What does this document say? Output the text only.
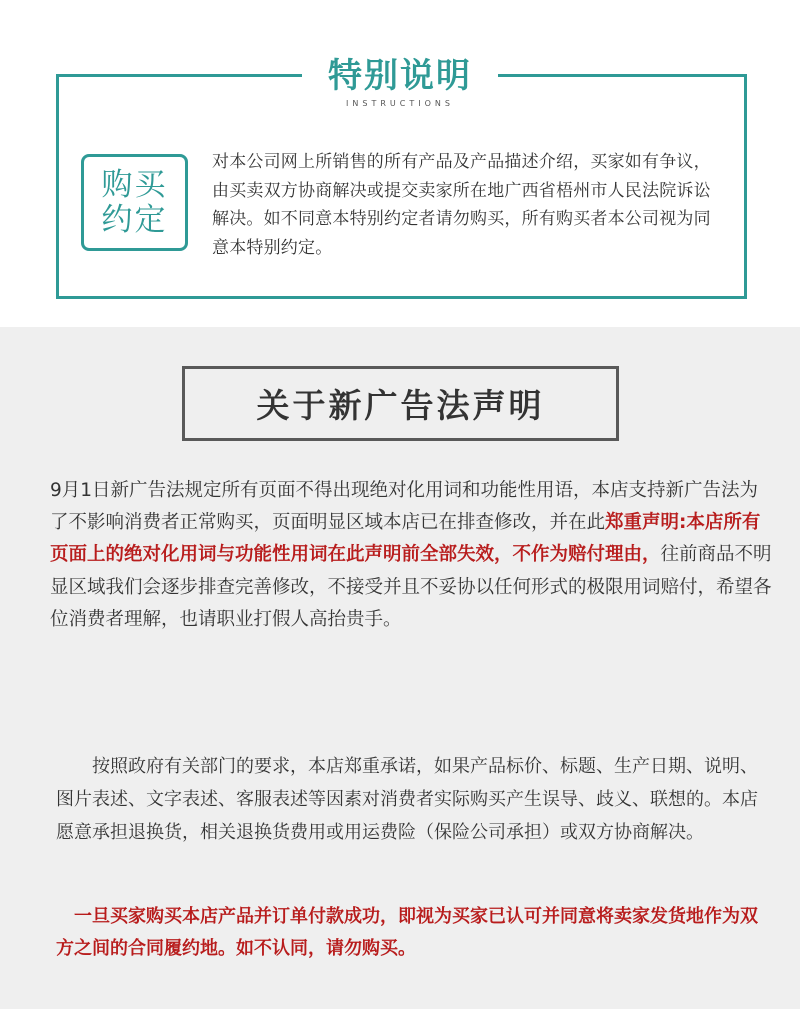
特别说明
INSTRUCTIONS
购买约定

对本公司网上所销售的所有产品及产品描述介绍，买家如有争议，由买卖双方协商解决或提交卖家所在地广西省梧州市人民法院诉讼解决。如不同意本特别约定者请勿购买，所有购买者本公司视为同意本特别约定。

关于新广告法声明

9月1日新广告法规定所有页面不得出现绝对化用词和功能性用语，本店支持新广告法为了不影响消费者正常购买，页面明显区域本店已在排查修改，并在此郑重声明:本店所有页面上的绝对化用词与功能性用词在此声明前全部失效，不作为赔付理由，往前商品不明显区域我们会逐步排查完善修改，不接受并且不妥协以任何形式的极限用词赔付，希望各位消费者理解，也请职业打假人高抬贵手。

按照政府有关部门的要求，本店郑重承诺，如果产品标价、标题、生产日期、说明、图片表述、文字表述、客服表述等因素对消费者实际购买产生误导、歧义、联想的。本店愿意承担退换货，相关退换货费用或用运费险（保险公司承担）或双方协商解决。

一旦买家购买本店产品并订单付款成功，即视为买家已认可并同意将卖家发货地作为双方之间的合同履约地。如不认同，请勿购买。
